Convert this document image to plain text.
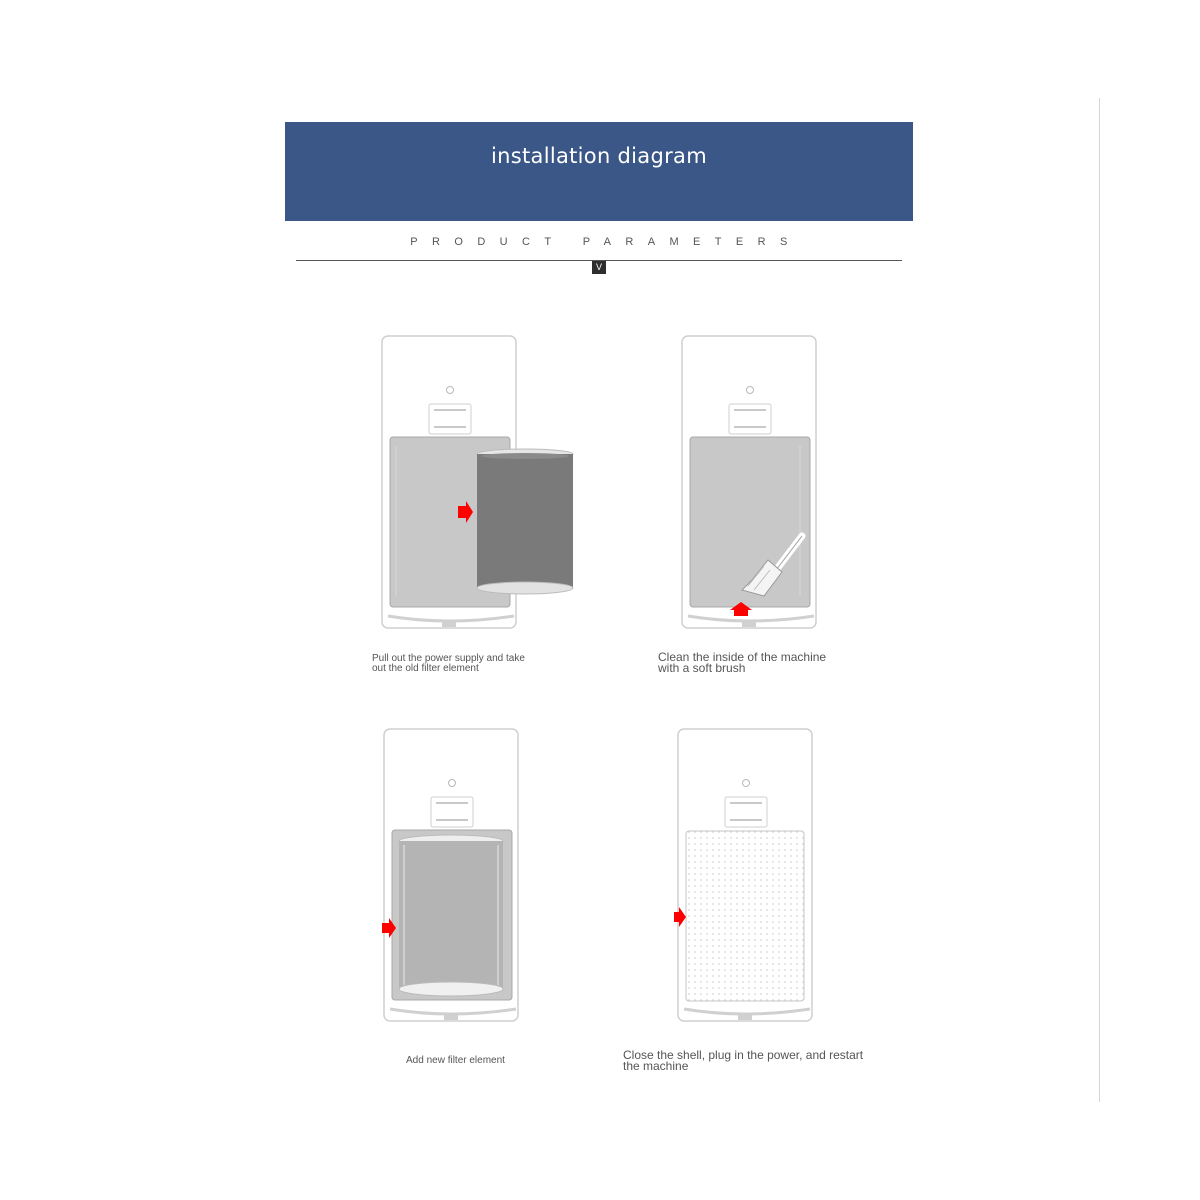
installation diagram
PRODUCT PARAMETERS
V
Pull out the power supply and take
out the old filter element
Clean the inside of the machine
with a soft brush
Add new filter element	Close the shell, plug in the power, and restart
the machine
